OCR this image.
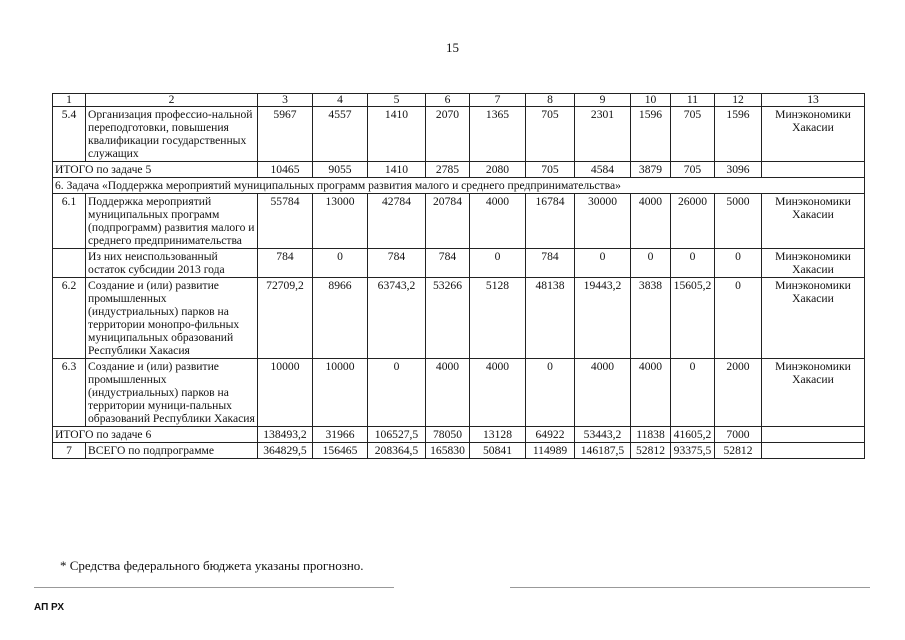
15
1	2	3	4	5	6	7	8	9	10	11	12	13
5.4	Организация профессио-нальной переподготовки, повышения квалификации государственных служащих	5967	4557	1410	2070	1365	705	2301	1596	705	1596	Минэкономики Хакасии
ИТОГО по задаче 5		10465	9055	1410	2785	2080	705	4584	3879	705	3096	
6. Задача «Поддержка мероприятий муниципальных программ развития малого и среднего предпринимательства»												
6.1	Поддержка мероприятий муниципальных программ (подпрограмм) развития малого и среднего предпринимательства	55784	13000	42784	20784	4000	16784	30000	4000	26000	5000	Минэкономики Хакасии
	Из них неиспользованный остаток субсидии 2013 года	784	0	784	784	0	784	0	0	0	0	Минэкономики Хакасии
6.2	Создание и (или) развитие промышленных (индустриальных) парков на территории монопро-фильных муниципальных образований Республики Хакасия	72709,2	8966	63743,2	53266	5128	48138	19443,2	3838	15605,2	0	Минэкономики Хакасии
6.3	Создание и (или) развитие промышленных (индустриальных) парков на территории муници-пальных образований Республики Хакасия	10000	10000	0	4000	4000	0	4000	4000	0	2000	Минэкономики Хакасии
ИТОГО по задаче 6		138493,2	31966	106527,5	78050	13128	64922	53443,2	11838	41605,2	7000	
7	ВСЕГО по подпрограмме	364829,5	156465	208364,5	165830	50841	114989	146187,5	52812	93375,5	52812	
* Средства федерального бюджета указаны прогнозно.
АП РХ
